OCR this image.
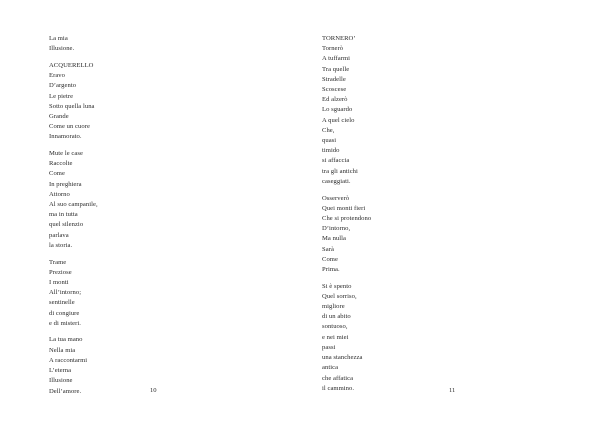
La mia
Illusione.
ACQUERELLO
Eravo
D’argento
Le pietre
Sotto quella luna
Grande
Come un cuore
Innamorato.
Mute le case
Raccolte
Come
In preghiera
Attorno
Al suo campanile,
ma in tutta
quel silenzio
parlava
la storia.
Trame
Preziose
I monti
All’intorno;
sentinelle
di congiure
e di misteri.
La tua mano
Nella mia
A raccontarmi
L’eterna
Illusione
Dell’amore.	10
TORNERO’
Tornerò
A tuffarmi
Tra quelle
Stradelle
Scoscese
Ed alzerò
Lo sguardo
A quel cielo
Che,
quasi
timido
si affaccia
tra gli antichi
caseggiati.
Osserverò
Quei monti fieri
Che si protendono
D’intorno,
Ma nulla
Sarà
Come
Prima.
Si è spento
Quel sorriso,
migliore
di un abito
sontuoso,
e nei miei
passi
una stanchezza
antica
che affatica
il cammino.	11
